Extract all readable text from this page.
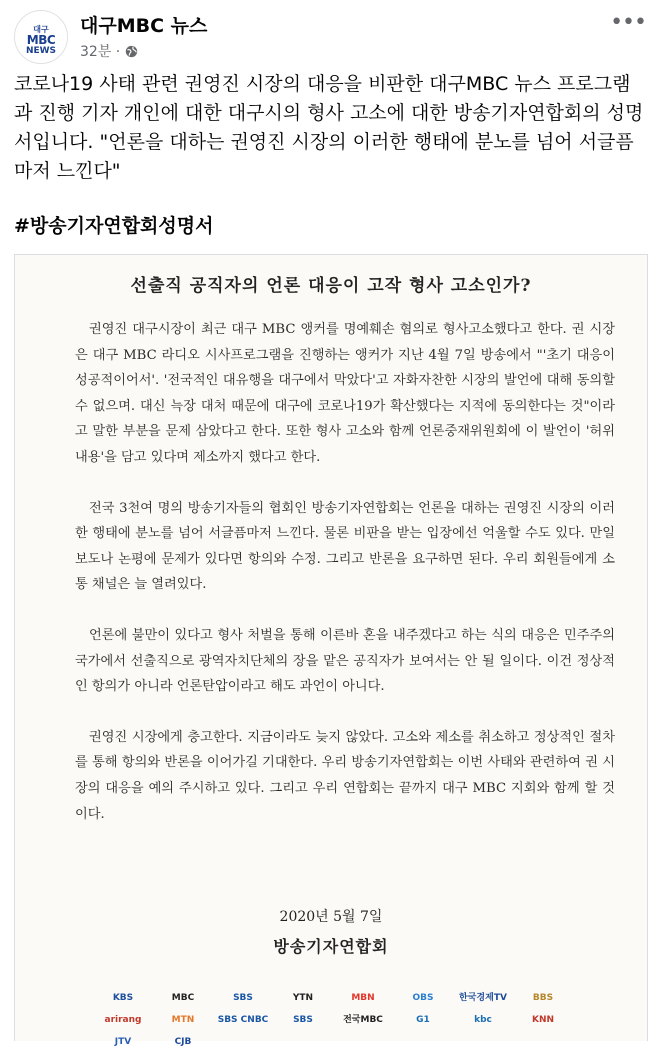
대구
MBC
NEWS
대구MBC 뉴스
32분 ·
•••

코로나19 사태 관련 권영진 시장의 대응을 비판한 대구MBC 뉴스 프로그램과 진행 기자 개인에 대한 대구시의 형사 고소에 대한 방송기자연합회의 성명서입니다. "언론을 대하는 권영진 시장의 이러한 행태에 분노를 넘어 서글픔마저 느낀다"

#방송기자연합회성명서
선출직 공직자의 언론 대응이 고작 형사 고소인가?

권영진 대구시장이 최근 대구 MBC 앵커를 명예훼손 혐의로 형사고소했다고 한다. 권 시장은 대구 MBC 라디오 시사프로그램을 진행하는 앵커가 지난 4월 7일 방송에서 "'초기 대응이 성공적이어서'. '전국적인 대유행을 대구에서 막았다'고 자화자찬한 시장의 발언에 대해 동의할 수 없으며. 대신 늑장 대처 때문에 대구에 코로나19가 확산했다는 지적에 동의한다는 것"이라고 말한 부분을 문제 삼았다고 한다. 또한 형사 고소와 함께 언론중재위원회에 이 발언이 '허위 내용'을 담고 있다며 제소까지 했다고 한다.

전국 3천여 명의 방송기자들의 협회인 방송기자연합회는 언론을 대하는 권영진 시장의 이러한 행태에 분노를 넘어 서글픔마저 느낀다. 물론 비판을 받는 입장에선 억울할 수도 있다. 만일 보도나 논평에 문제가 있다면 항의와 수정. 그리고 반론을 요구하면 된다. 우리 회원들에게 소통 채널은 늘 열려있다.

언론에 불만이 있다고 형사 처벌을 통해 이른바 혼을 내주겠다고 하는 식의 대응은 민주주의 국가에서 선출직으로 광역자치단체의 장을 맡은 공직자가 보여서는 안 될 일이다. 이건 정상적인 항의가 아니라 언론탄압이라고 해도 과언이 아니다.

권영진 시장에게 충고한다. 지금이라도 늦지 않았다. 고소와 제소를 취소하고 정상적인 절차를 통해 항의와 반론을 이어가길 기대한다. 우리 방송기자연합회는 이번 사태와 관련하여 권 시장의 대응을 예의 주시하고 있다. 그리고 우리 연합회는 끝까지 대구 MBC 지회와 함께 할 것이다.

2020년 5월 7일
방송기자연합회
KBS	MBC	SBS	YTN	MBN	OBS	한국경제TV	BBS
arirang	MTN	SBS CNBC	SBS	전국MBC	G1	kbc	KNN
JTV	CJB
